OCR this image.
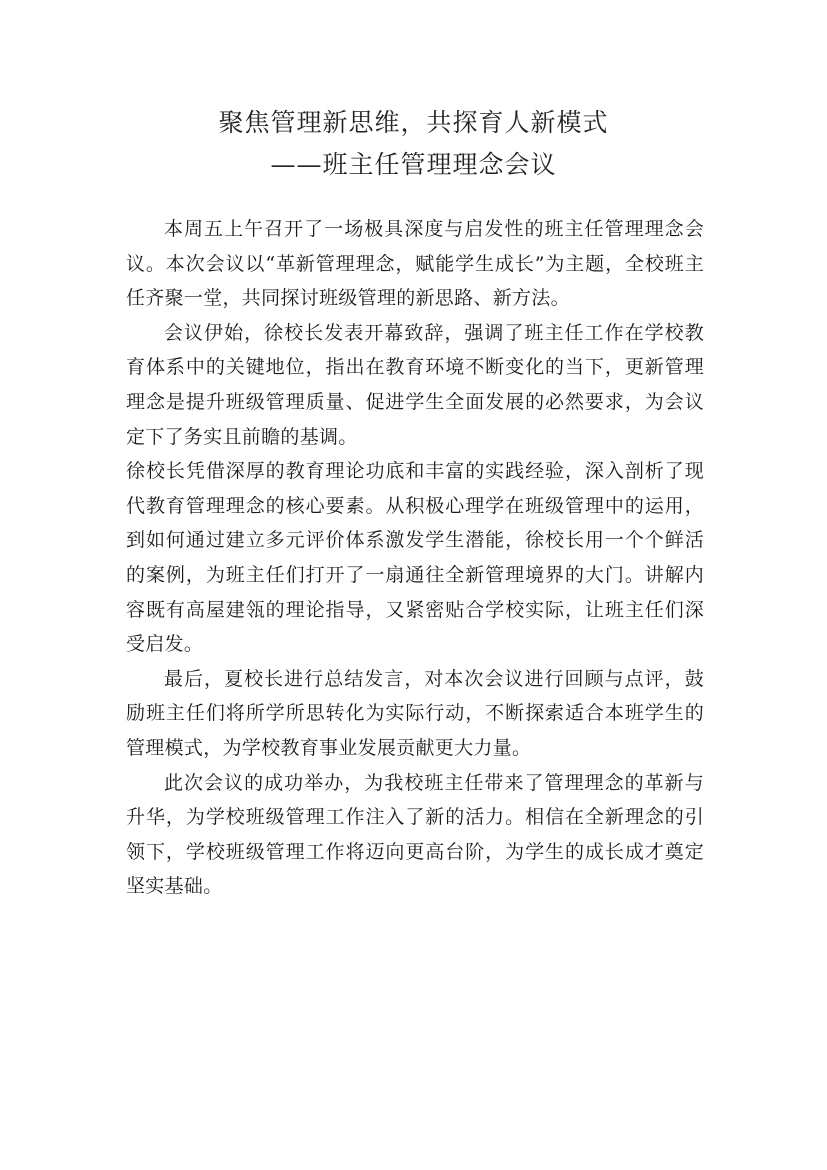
聚焦管理新思维，共探育人新模式
——班主任管理理念会议

本周五上午召开了一场极具深度与启发性的班主任管理理念会议。本次会议以“革新管理理念，赋能学生成长”为主题，全校班主任齐聚一堂，共同探讨班级管理的新思路、新方法。

会议伊始，徐校长发表开幕致辞，强调了班主任工作在学校教育体系中的关键地位，指出在教育环境不断变化的当下，更新管理理念是提升班级管理质量、促进学生全面发展的必然要求，为会议定下了务实且前瞻的基调。

徐校长凭借深厚的教育理论功底和丰富的实践经验，深入剖析了现代教育管理理念的核心要素。从积极心理学在班级管理中的运用，到如何通过建立多元评价体系激发学生潜能，徐校长用一个个鲜活的案例，为班主任们打开了一扇通往全新管理境界的大门。讲解内容既有高屋建瓴的理论指导，又紧密贴合学校实际，让班主任们深受启发。

最后，夏校长进行总结发言，对本次会议进行回顾与点评，鼓励班主任们将所学所思转化为实际行动，不断探索适合本班学生的管理模式，为学校教育事业发展贡献更大力量。

此次会议的成功举办，为我校班主任带来了管理理念的革新与升华，为学校班级管理工作注入了新的活力。相信在全新理念的引领下，学校班级管理工作将迈向更高台阶，为学生的成长成才奠定坚实基础。
